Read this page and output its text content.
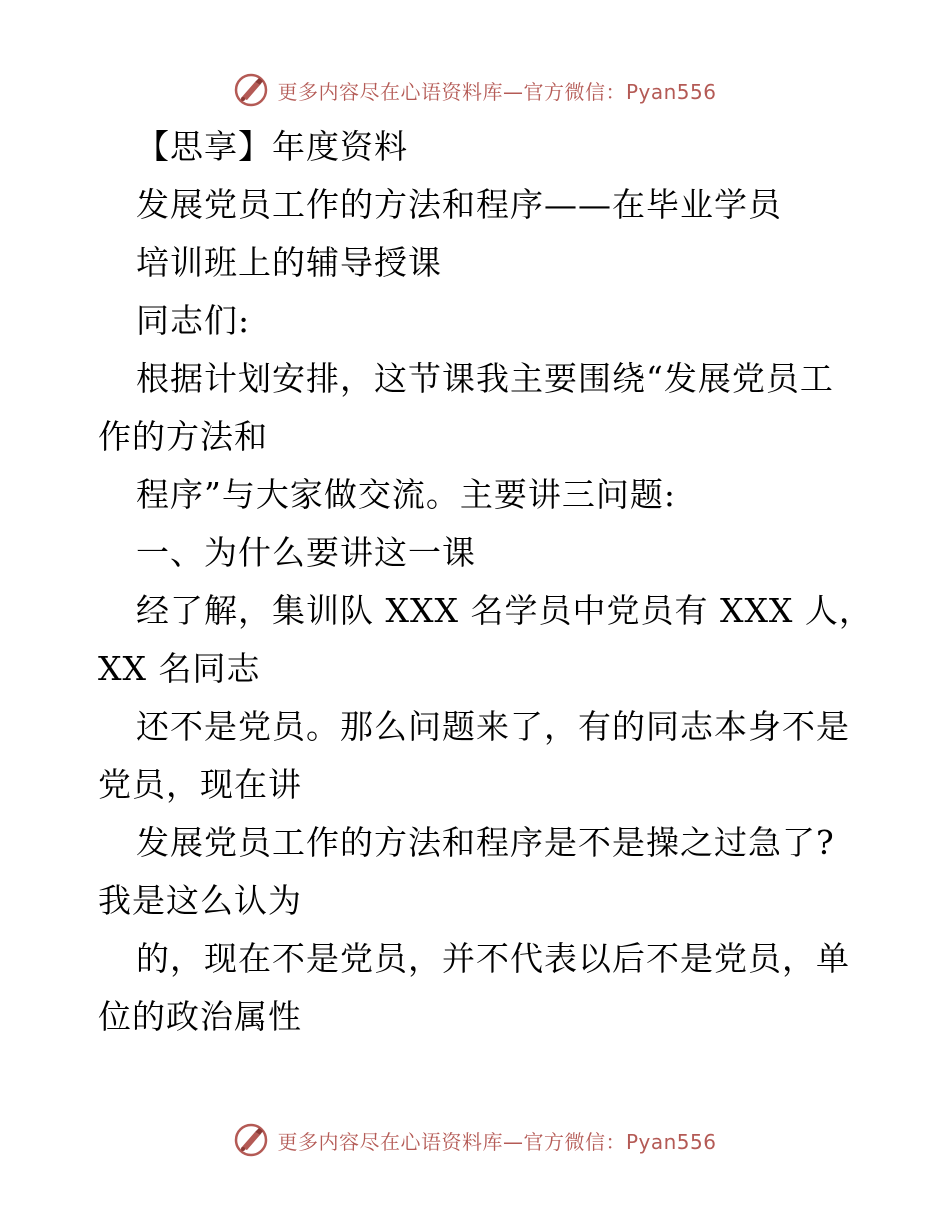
更多内容尽在心语资料库—官方微信：Pyan556
【思享】年度资料
发展党员工作的方法和程序——在毕业学员
培训班上的辅导授课
同志们:
根据计划安排，这节课我主要围绕“发展党员工
作的方法和
程序”与大家做交流。主要讲三问题:
一、为什么要讲这一课
经了解，集训队 XXX 名学员中党员有 XXX 人，
XX 名同志
还不是党员。那么问题来了，有的同志本身不是
党员，现在讲
发展党员工作的方法和程序是不是操之过急了?
我是这么认为
的，现在不是党员，并不代表以后不是党员，单
位的政治属性
更多内容尽在心语资料库—官方微信：Pyan556
